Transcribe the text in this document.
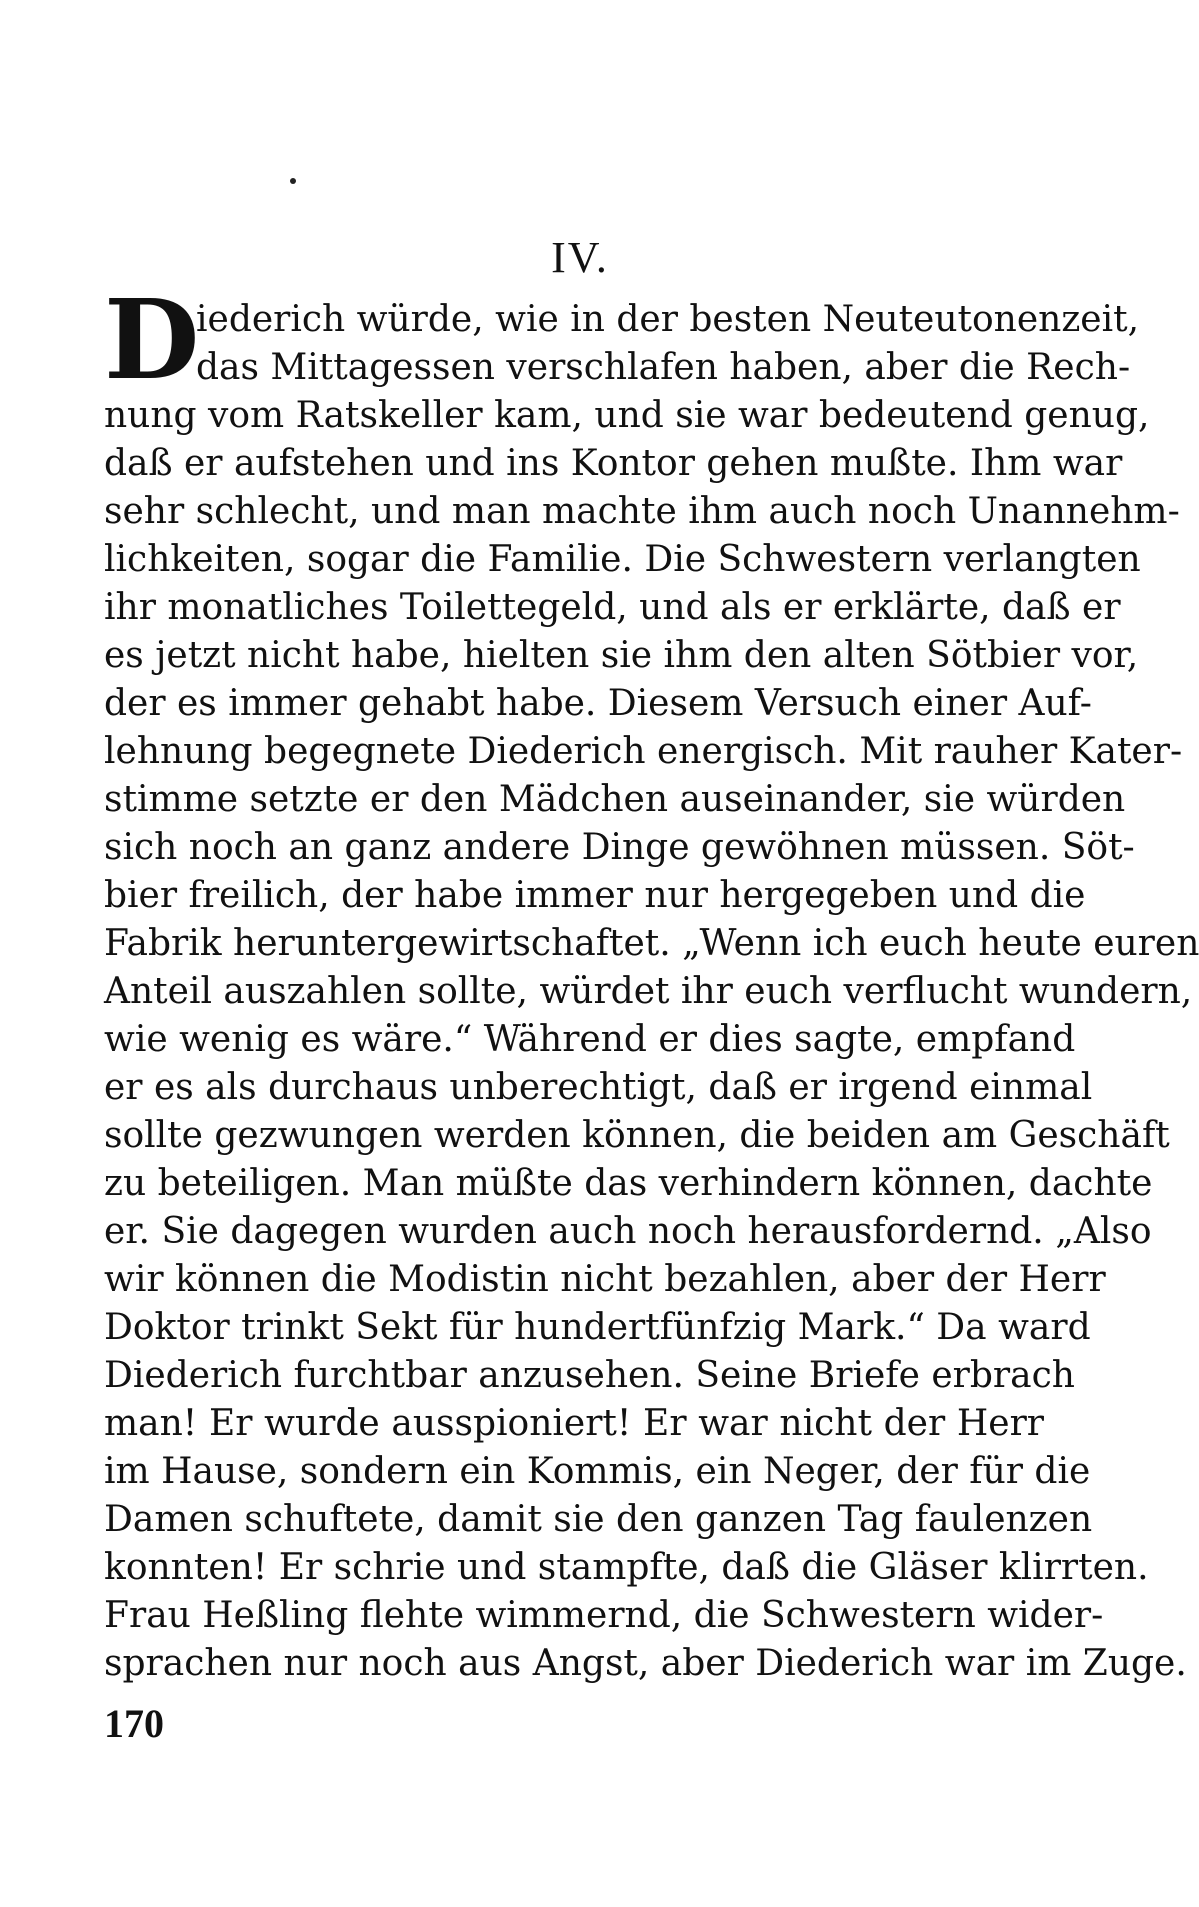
IV.
D
iederich würde, wie in der besten Neuteutonenzeit,
das Mittagessen verschlafen haben, aber die Rech-
nung vom Ratskeller kam, und sie war bedeutend genug,
daß er aufstehen und ins Kontor gehen mußte. Ihm war
sehr schlecht, und man machte ihm auch noch Unannehm-
lichkeiten, sogar die Familie. Die Schwestern verlangten
ihr monatliches Toilettegeld, und als er erklärte, daß er
es jetzt nicht habe, hielten sie ihm den alten Sötbier vor,
der es immer gehabt habe. Diesem Versuch einer Auf-
lehnung begegnete Diederich energisch. Mit rauher Kater-
stimme setzte er den Mädchen auseinander, sie würden
sich noch an ganz andere Dinge gewöhnen müssen. Söt-
bier freilich, der habe immer nur hergegeben und die
Fabrik heruntergewirtschaftet. „Wenn ich euch heute euren
Anteil auszahlen sollte, würdet ihr euch verflucht wundern,
wie wenig es wäre.“ Während er dies sagte, empfand
er es als durchaus unberechtigt, daß er irgend einmal
sollte gezwungen werden können, die beiden am Geschäft
zu beteiligen. Man müßte das verhindern können, dachte
er. Sie dagegen wurden auch noch herausfordernd. „Also
wir können die Modistin nicht bezahlen, aber der Herr
Doktor trinkt Sekt für hundertfünfzig Mark.“ Da ward
Diederich furchtbar anzusehen. Seine Briefe erbrach
man! Er wurde ausspioniert! Er war nicht der Herr
im Hause, sondern ein Kommis, ein Neger, der für die
Damen schuftete, damit sie den ganzen Tag faulenzen
konnten! Er schrie und stampfte, daß die Gläser klirrten.
Frau Heßling flehte wimmernd, die Schwestern wider-
sprachen nur noch aus Angst, aber Diederich war im Zuge.
170
